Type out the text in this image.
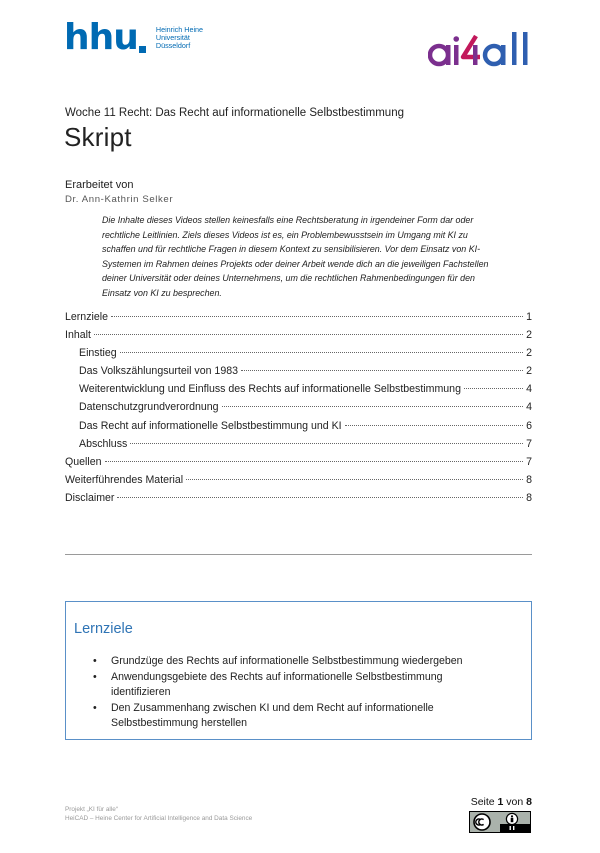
hhu	Heinrich Heine
Universität
Düsseldorf
Woche 11 Recht: Das Recht auf informationelle Selbstbestimmung
Skript
Erarbeitet von
Dr. Ann-Kathrin Selker
Die Inhalte dieses Videos stellen keinesfalls eine Rechtsberatung in irgendeiner Form dar oder rechtliche Leitlinien. Ziels dieses Videos ist es, ein Problembewusstsein im Umgang mit KI zu schaffen und für rechtliche Fragen in diesem Kontext zu sensibilisieren. Vor dem Einsatz von KI-Systemen im Rahmen deines Projekts oder deiner Arbeit wende dich an die jeweiligen Fachstellen deiner Universität oder deines Unternehmens, um die rechtlichen Rahmenbedingungen für den Einsatz von KI zu besprechen.
Lernziele	1
Inhalt	2
Einstieg	2
Das Volkszählungsurteil von 1983	2
Weiterentwicklung und Einfluss des Rechts auf informationelle Selbstbestimmung	4
Datenschutzgrundverordnung	4
Das Recht auf informationelle Selbstbestimmung und KI	6
Abschluss	7
Quellen	7
Weiterführendes Material	8
Disclaimer	8
Lernziele
• Grundzüge des Rechts auf informationelle Selbstbestimmung wiedergeben
• Anwendungsgebiete des Rechts auf informationelle Selbstbestimmung identifizieren
• Den Zusammenhang zwischen KI und dem Recht auf informationelle Selbstbestimmung herstellen
Projekt „KI für alle“
HeiCAD – Heine Center for Artificial Intelligence and Data Science
Seite 1 von 8
